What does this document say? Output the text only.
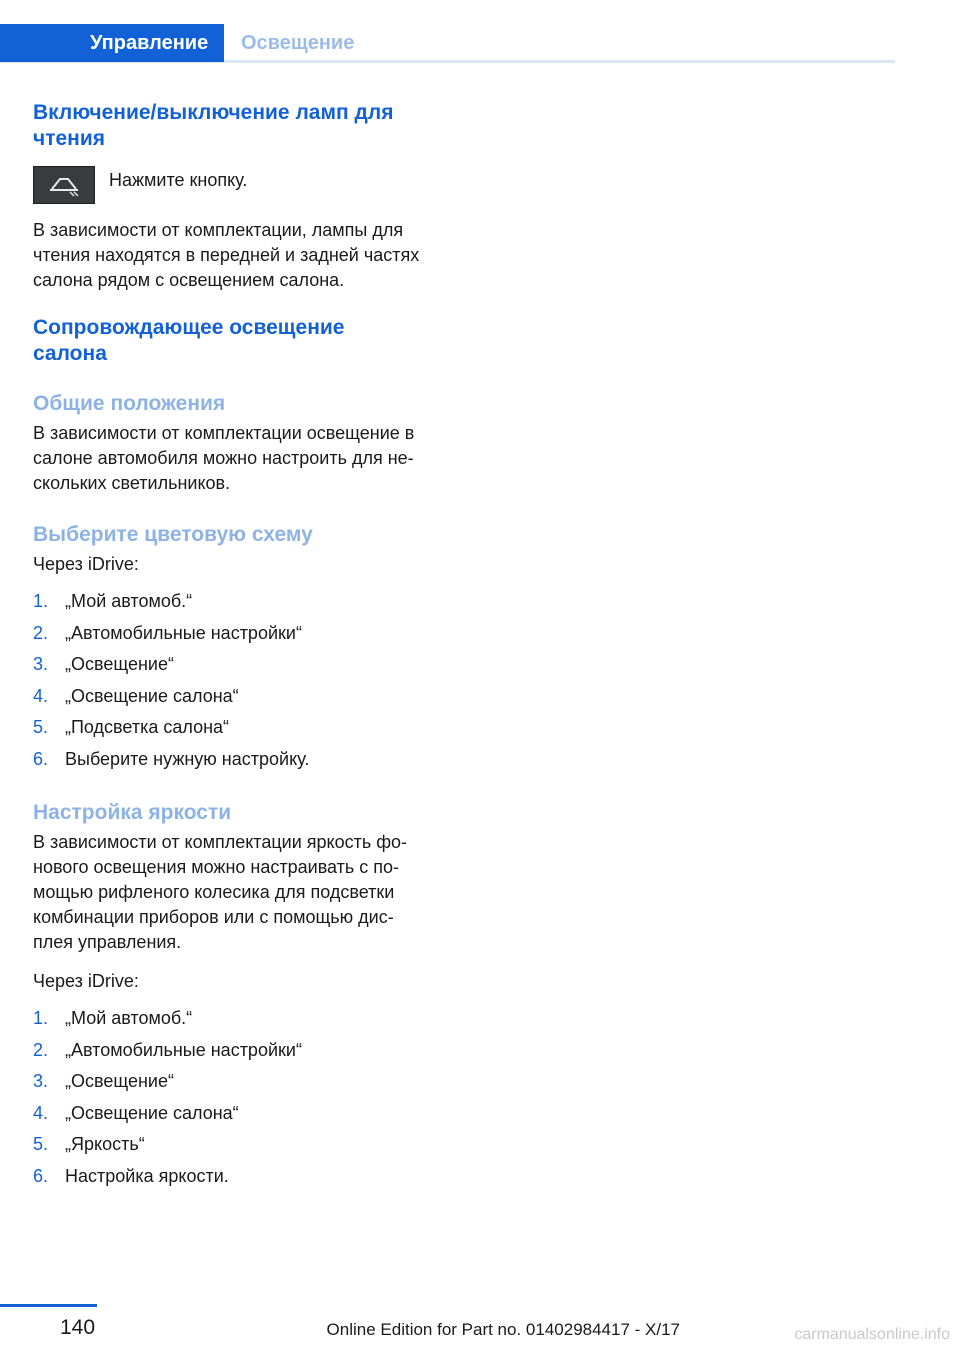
Управление	Освещение
Включение/выключение ламп для
чтения
Нажмите кнопку.

В зависимости от комплектации, лампы для
чтения находятся в передней и задней частях
салона рядом с освещением салона.

Сопровождающее освещение
салона
Общие положения

В зависимости от комплектации освещение в
салоне автомобиля можно настроить для не-
скольких светильников.

Выберите цветовую схему

Через iDrive:

1. „Мой автомоб.“
2. „Автомобильные настройки“
3. „Освещение“
4. „Освещение салона“
5. „Подсветка салона“
6. Выберите нужную настройку.
Настройка яркости

В зависимости от комплектации яркость фо-
нового освещения можно настраивать с по-
мощью рифленого колесика для подсветки
комбинации приборов или с помощью дис-
плея управления.

Через iDrive:

1. „Мой автомоб.“
2. „Автомобильные настройки“
3. „Освещение“
4. „Освещение салона“
5. „Яркость“
6. Настройка яркости.
140	Online Edition for Part no. 01402984417 - X/17	carmanualsonline.info
